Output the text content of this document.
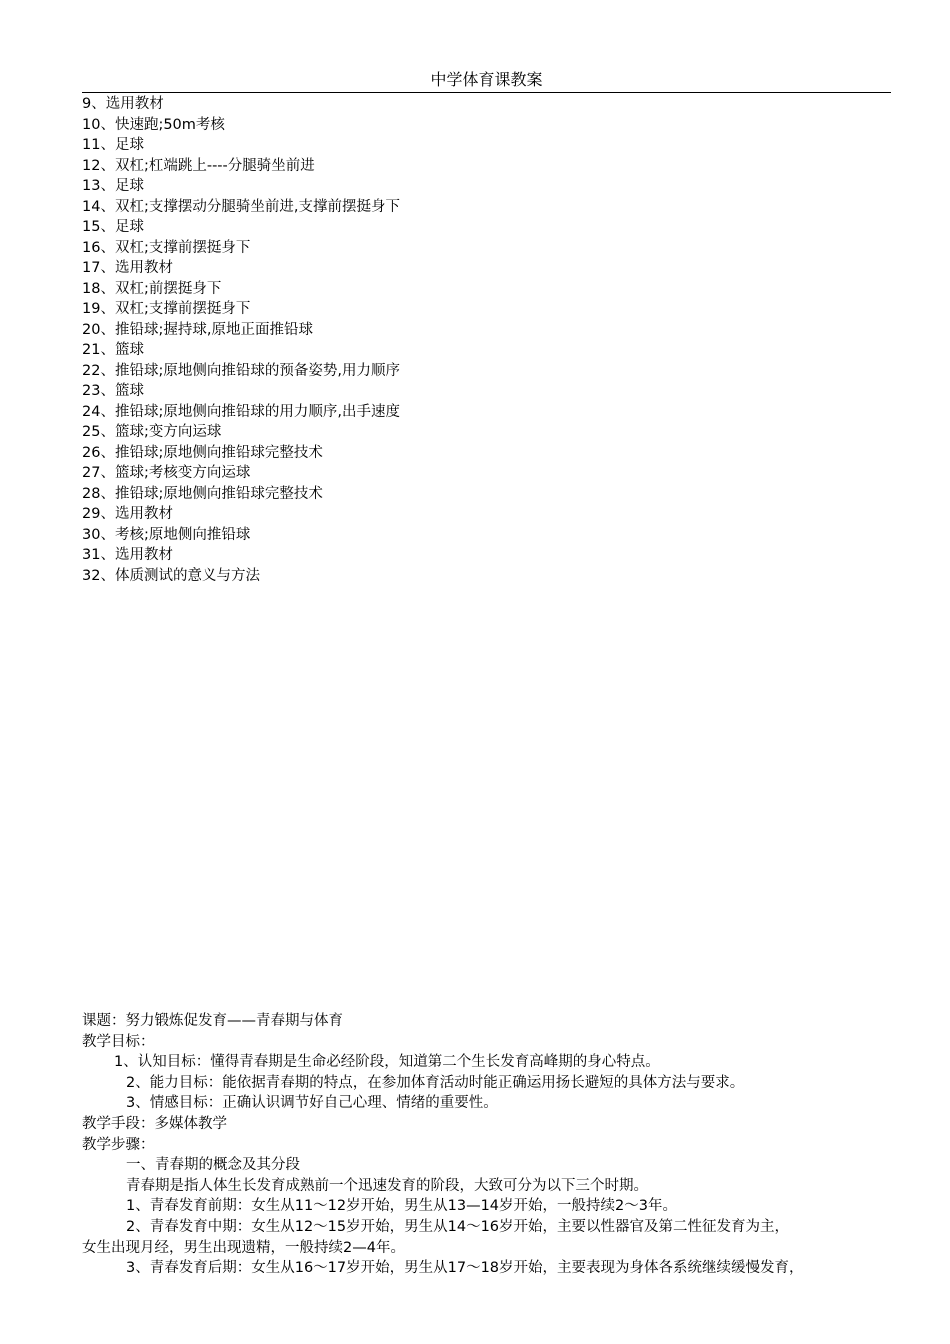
中学体育课教案
9、选用教材
10、快速跑;50m考核
11、足球
12、双杠;杠端跳上----分腿骑坐前进
13、足球
14、双杠;支撑摆动分腿骑坐前进,支撑前摆挺身下
15、足球
16、双杠;支撑前摆挺身下
17、选用教材
18、双杠;前摆挺身下
19、双杠;支撑前摆挺身下
20、推铅球;握持球,原地正面推铅球
21、篮球
22、推铅球;原地侧向推铅球的预备姿势,用力顺序
23、篮球
24、推铅球;原地侧向推铅球的用力顺序,出手速度
25、篮球;变方向运球
26、推铅球;原地侧向推铅球完整技术
27、篮球;考核变方向运球
28、推铅球;原地侧向推铅球完整技术
29、选用教材
30、考核;原地侧向推铅球
31、选用教材
32、体质测试的意义与方法
课题：努力锻炼促发育——青春期与体育
教学目标：
1、认知目标：懂得青春期是生命必经阶段，知道第二个生长发育高峰期的身心特点。
2、能力目标：能依据青春期的特点，在参加体育活动时能正确运用扬长避短的具体方法与要求。
3、情感目标：正确认识调节好自己心理、情绪的重要性。
教学手段：多媒体教学
教学步骤：
一、青春期的概念及其分段
青春期是指人体生长发育成熟前一个迅速发育的阶段，大致可分为以下三个时期。
1、青春发育前期：女生从11～12岁开始，男生从13—14岁开始，一般持续2～3年。
2、青春发育中期：女生从12～15岁开始，男生从14～16岁开始，主要以性器官及第二性征发育为主，
女生出现月经，男生出现遗精，一般持续2—4年。
3、青春发育后期：女生从16～17岁开始，男生从17～18岁开始，主要表现为身体各系统继续缓慢发育，
